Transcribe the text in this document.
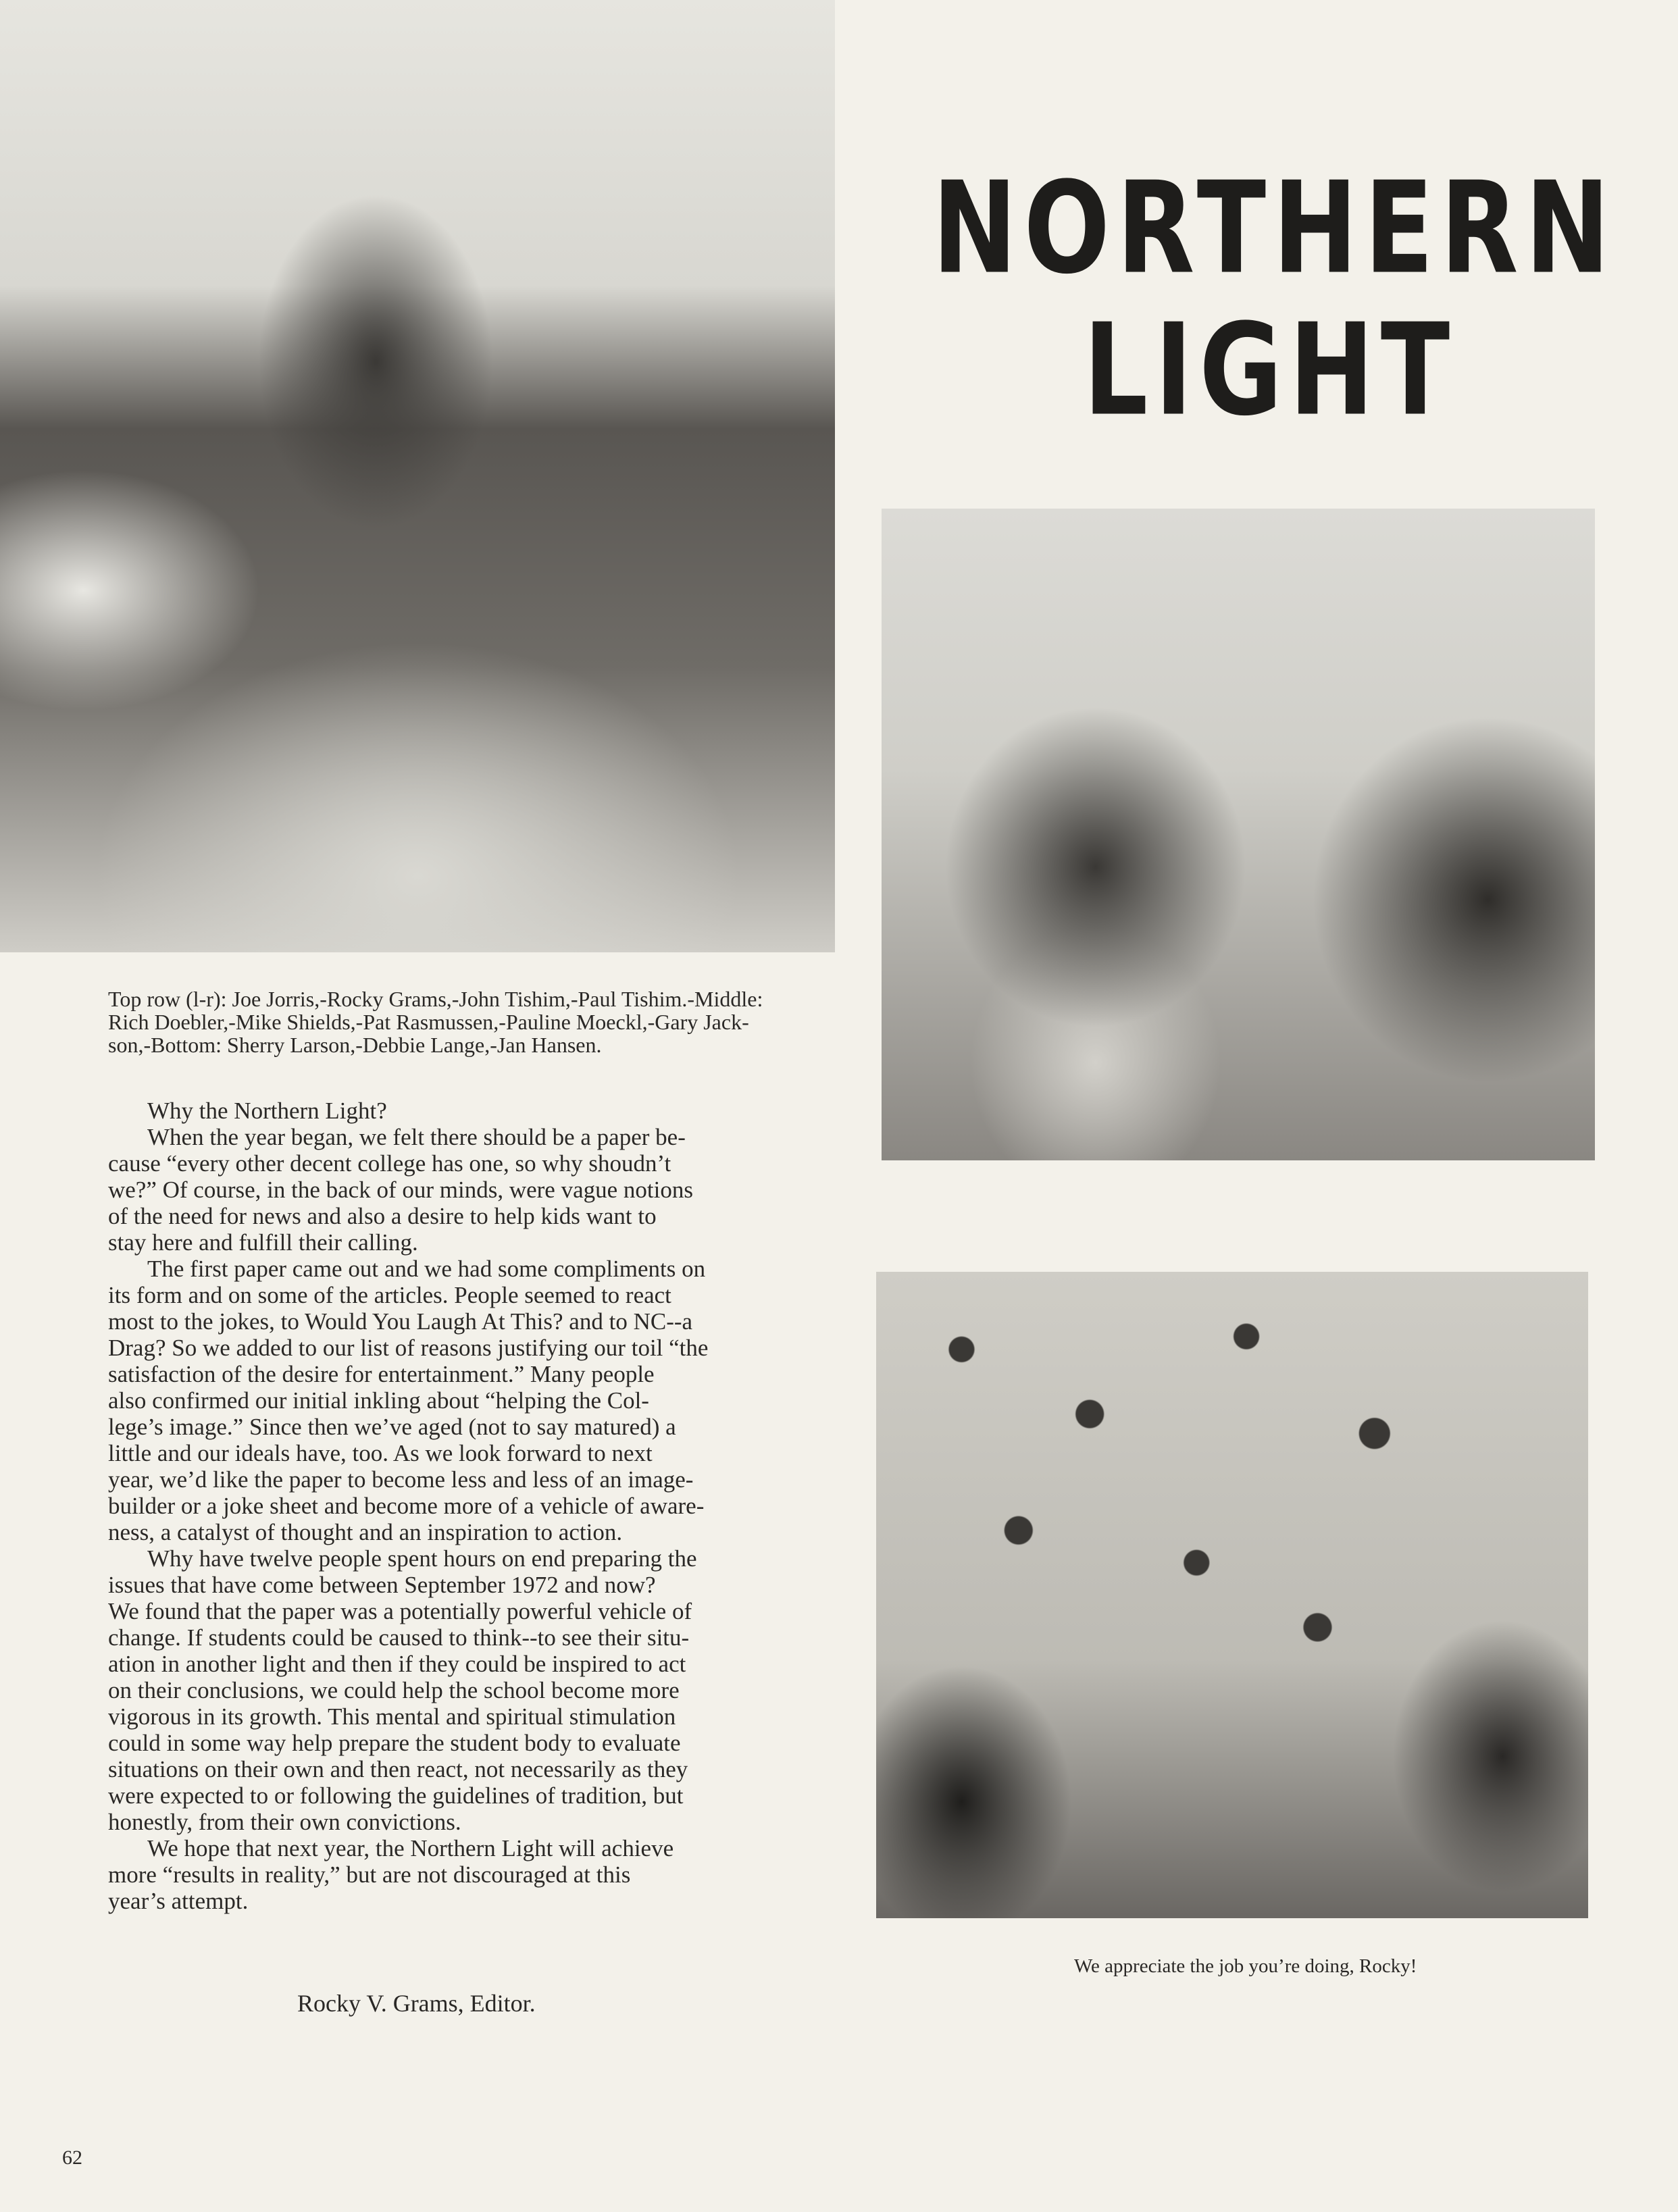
NORTHERN
LIGHT

Top row (l-r): Joe Jorris,-Rocky Grams,-John Tishim,-Paul Tishim.-Middle:

Rich Doebler,-Mike Shields,-Pat Rasmussen,-Pauline Moeckl,-Gary Jack-

son,-Bottom: Sherry Larson,-Debbie Lange,-Jan Hansen.

Why the Northern Light?

When the year began, we felt there should be a paper be-

cause “every other decent college has one, so why shoudn’t

we?” Of course, in the back of our minds, were vague notions

of the need for news and also a desire to help kids want to

stay here and fulfill their calling.

The first paper came out and we had some compliments on

its form and on some of the articles. People seemed to react

most to the jokes, to Would You Laugh At This? and to NC--a

Drag? So we added to our list of reasons justifying our toil “the

satisfaction of the desire for entertainment.” Many people

also confirmed our initial inkling about “helping the Col-

lege’s image.” Since then we’ve aged (not to say matured) a

little and our ideals have, too. As we look forward to next

year, we’d like the paper to become less and less of an image-

builder or a joke sheet and become more of a vehicle of aware-

ness, a catalyst of thought and an inspiration to action.

Why have twelve people spent hours on end preparing the

issues that have come between September 1972 and now?

We found that the paper was a potentially powerful vehicle of

change. If students could be caused to think--to see their situ-

ation in another light and then if they could be inspired to act

on their conclusions, we could help the school become more

vigorous in its growth. This mental and spiritual stimulation

could in some way help prepare the student body to evaluate

situations on their own and then react, not necessarily as they

were expected to or following the guidelines of tradition, but

honestly, from their own convictions.

We hope that next year, the Northern Light will achieve

more “results in reality,” but are not discouraged at this

year’s attempt.

Rocky V. Grams, Editor.

We appreciate the job you’re doing, Rocky!

62
